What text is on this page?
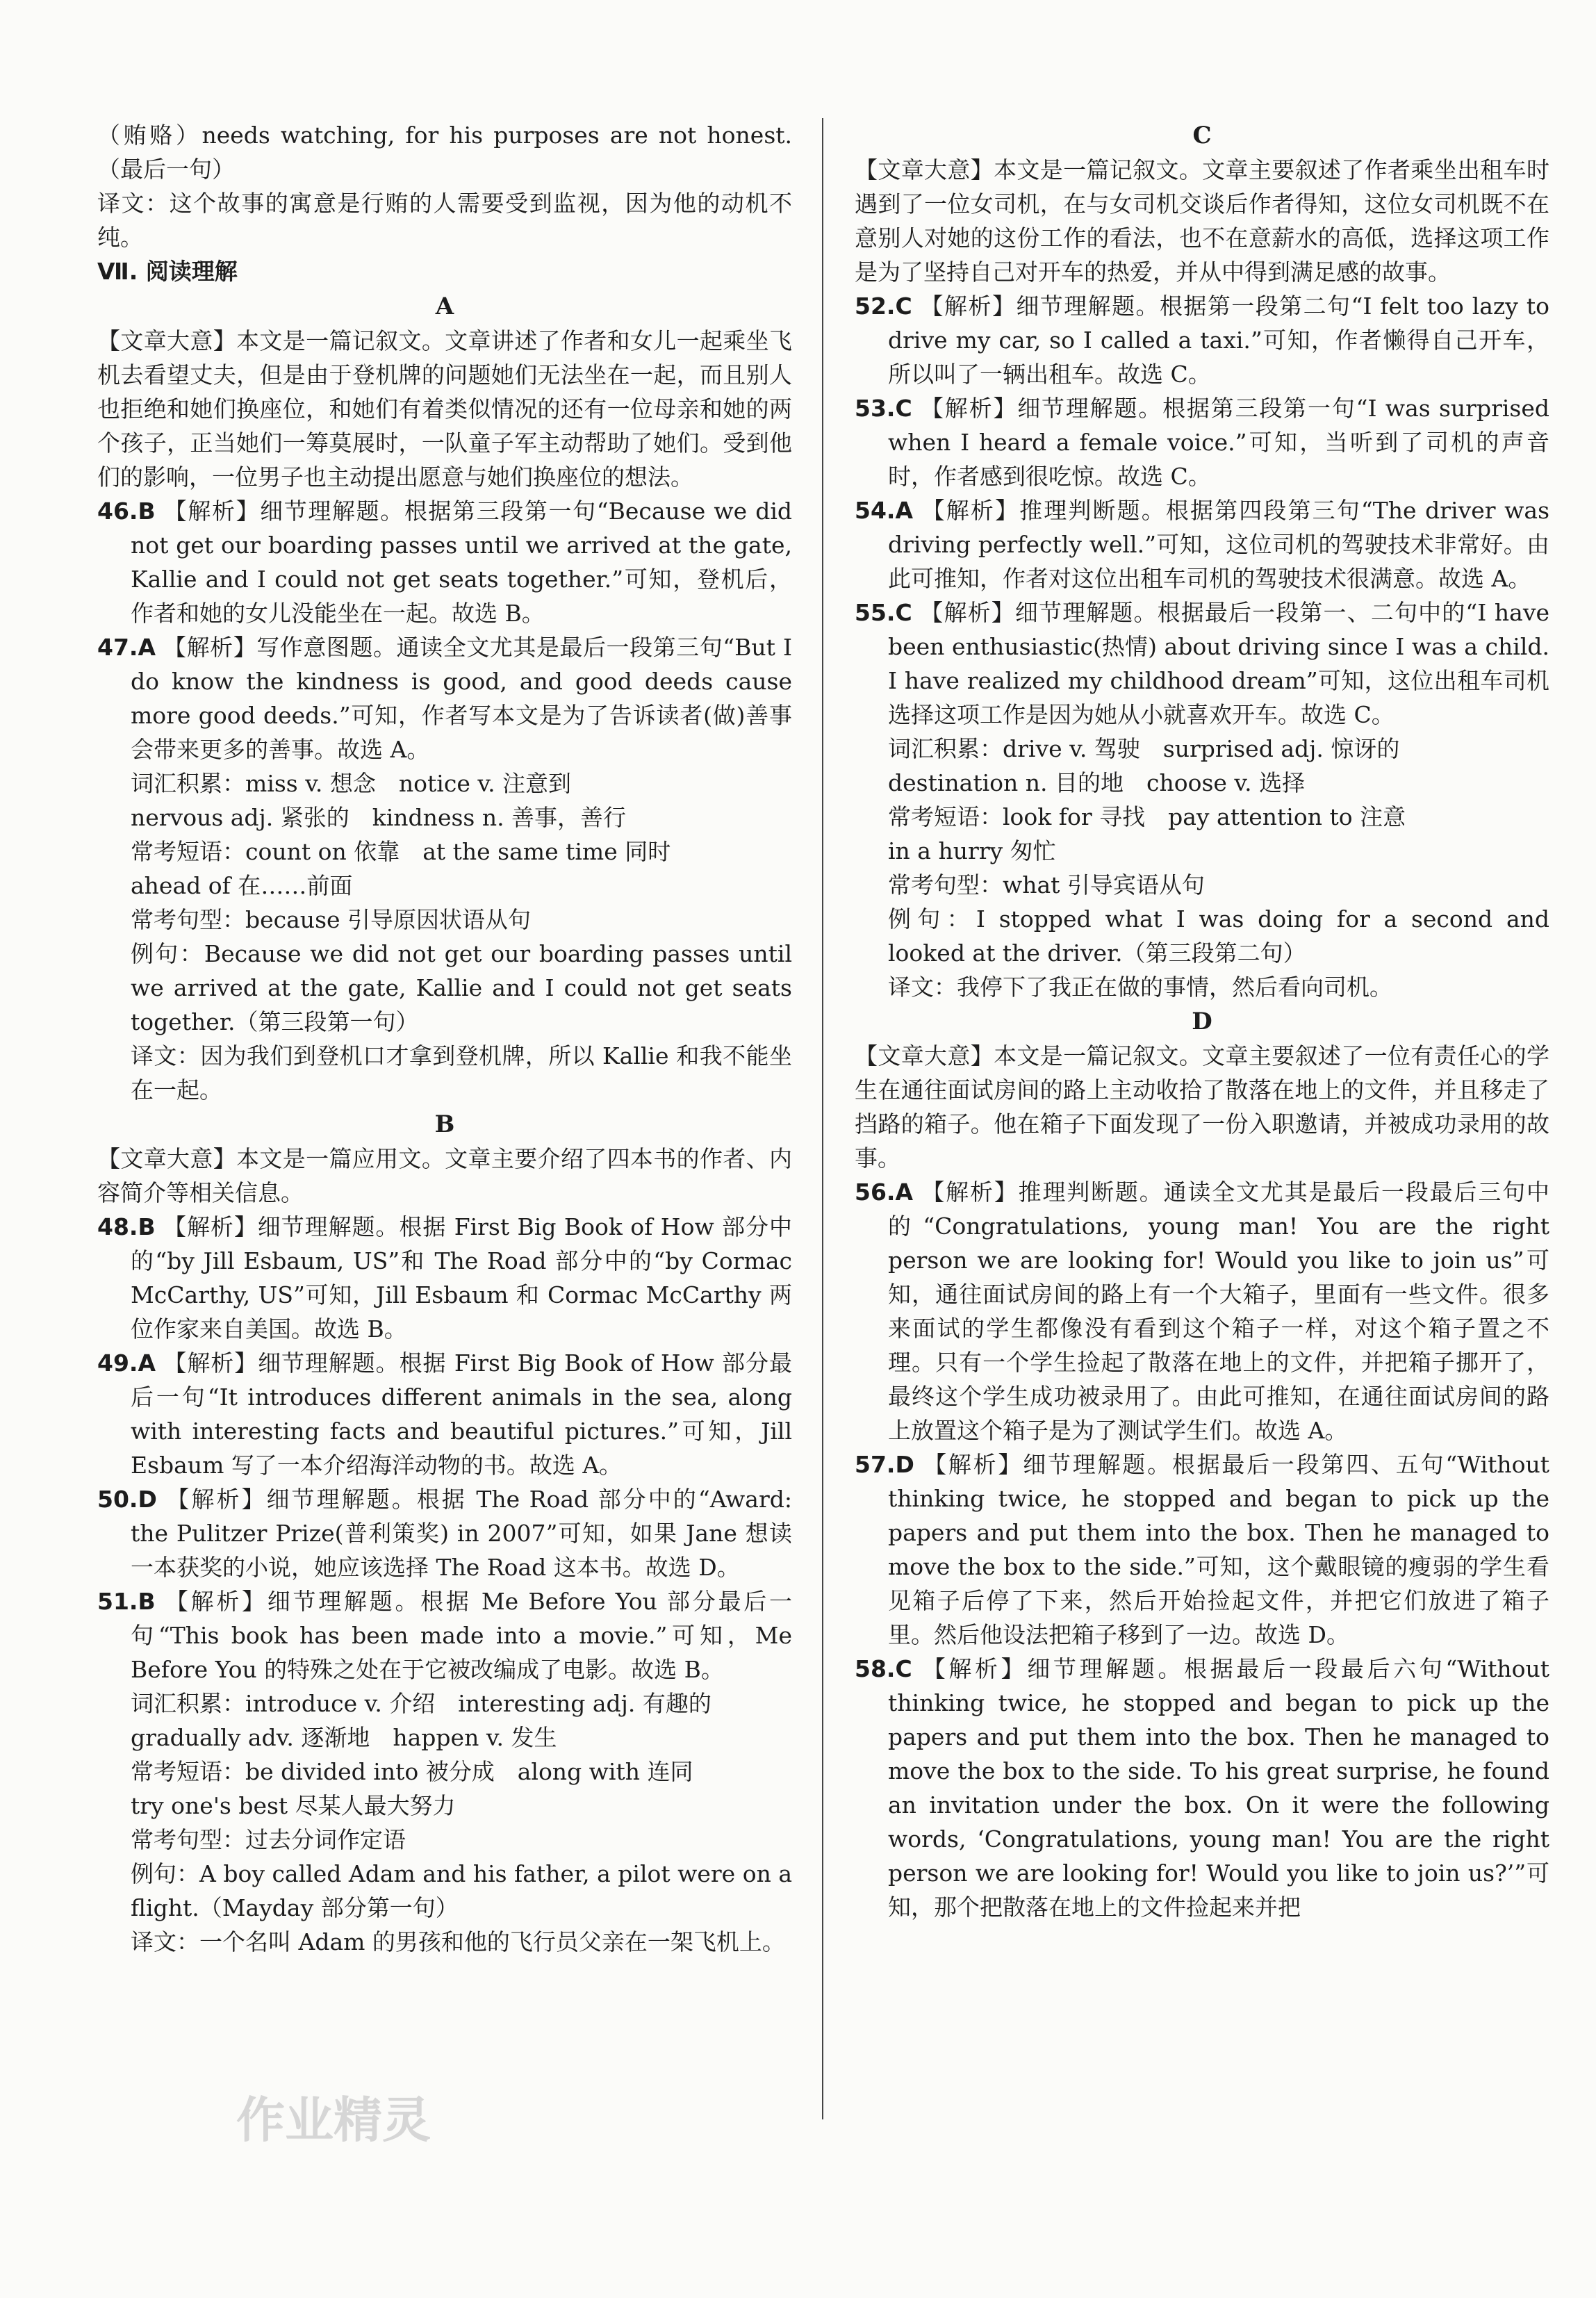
（贿赂）needs watching, for his purposes are not honest.（最后一句）
译文：这个故事的寓意是行贿的人需要受到监视，因为他的动机不纯。
Ⅶ. 阅读理解
A
【文章大意】本文是一篇记叙文。文章讲述了作者和女儿一起乘坐飞机去看望丈夫，但是由于登机牌的问题她们无法坐在一起，而且别人也拒绝和她们换座位，和她们有着类似情况的还有一位母亲和她的两个孩子，正当她们一筹莫展时，一队童子军主动帮助了她们。受到他们的影响，一位男子也主动提出愿意与她们换座位的想法。
46.B 【解析】细节理解题。根据第三段第一句“Because we did not get our boarding passes until we arrived at the gate, Kallie and I could not get seats together.”可知，登机后，作者和她的女儿没能坐在一起。故选 B。
47.A 【解析】写作意图题。通读全文尤其是最后一段第三句“But I do know the kindness is good, and good deeds cause more good deeds.”可知，作者写本文是为了告诉读者(做)善事会带来更多的善事。故选 A。
词汇积累：miss v. 想念　notice v. 注意到
nervous adj. 紧张的　kindness n. 善事，善行
常考短语：count on 依靠　at the same time 同时
ahead of 在……前面
常考句型：because 引导原因状语从句
例句：Because we did not get our boarding passes until we arrived at the gate, Kallie and I could not get seats together.（第三段第一句）
译文：因为我们到登机口才拿到登机牌，所以 Kallie 和我不能坐在一起。
B
【文章大意】本文是一篇应用文。文章主要介绍了四本书的作者、内容简介等相关信息。
48.B 【解析】细节理解题。根据 First Big Book of How 部分中的“by Jill Esbaum, US”和 The Road 部分中的“by Cormac McCarthy, US”可知，Jill Esbaum 和 Cormac McCarthy 两位作家来自美国。故选 B。
49.A 【解析】细节理解题。根据 First Big Book of How 部分最后一句“It introduces different animals in the sea, along with interesting facts and beautiful pictures.”可知，Jill Esbaum 写了一本介绍海洋动物的书。故选 A。
50.D 【解析】细节理解题。根据 The Road 部分中的“Award: the Pulitzer Prize(普利策奖) in 2007”可知，如果 Jane 想读一本获奖的小说，她应该选择 The Road 这本书。故选 D。
51.B 【解析】细节理解题。根据 Me Before You 部分最后一句“This book has been made into a movie.”可知，Me Before You 的特殊之处在于它被改编成了电影。故选 B。
词汇积累：introduce v. 介绍　interesting adj. 有趣的
gradually adv. 逐渐地　happen v. 发生
常考短语：be divided into 被分成　along with 连同
try one's best 尽某人最大努力
常考句型：过去分词作定语
例句：A boy called Adam and his father, a pilot were on a flight.（Mayday 部分第一句）
译文：一个名叫 Adam 的男孩和他的飞行员父亲在一架飞机上。
C
【文章大意】本文是一篇记叙文。文章主要叙述了作者乘坐出租车时遇到了一位女司机，在与女司机交谈后作者得知，这位女司机既不在意别人对她的这份工作的看法，也不在意薪水的高低，选择这项工作是为了坚持自己对开车的热爱，并从中得到满足感的故事。
52.C 【解析】细节理解题。根据第一段第二句“I felt too lazy to drive my car, so I called a taxi.”可知，作者懒得自己开车，所以叫了一辆出租车。故选 C。
53.C 【解析】细节理解题。根据第三段第一句“I was surprised when I heard a female voice.”可知，当听到了司机的声音时，作者感到很吃惊。故选 C。
54.A 【解析】推理判断题。根据第四段第三句“The driver was driving perfectly well.”可知，这位司机的驾驶技术非常好。由此可推知，作者对这位出租车司机的驾驶技术很满意。故选 A。
55.C 【解析】细节理解题。根据最后一段第一、二句中的“I have been enthusiastic(热情) about driving since I was a child. I have realized my childhood dream”可知，这位出租车司机选择这项工作是因为她从小就喜欢开车。故选 C。
词汇积累：drive v. 驾驶　surprised adj. 惊讶的
destination n. 目的地　choose v. 选择
常考短语：look for 寻找　pay attention to 注意
in a hurry 匆忙
常考句型：what 引导宾语从句
例句：I stopped what I was doing for a second and looked at the driver.（第三段第二句）
译文：我停下了我正在做的事情，然后看向司机。
D
【文章大意】本文是一篇记叙文。文章主要叙述了一位有责任心的学生在通往面试房间的路上主动收拾了散落在地上的文件，并且移走了挡路的箱子。他在箱子下面发现了一份入职邀请，并被成功录用的故事。
56.A 【解析】推理判断题。通读全文尤其是最后一段最后三句中的“Congratulations, young man! You are the right person we are looking for! Would you like to join us”可知，通往面试房间的路上有一个大箱子，里面有一些文件。很多来面试的学生都像没有看到这个箱子一样，对这个箱子置之不理。只有一个学生捡起了散落在地上的文件，并把箱子挪开了，最终这个学生成功被录用了。由此可推知，在通往面试房间的路上放置这个箱子是为了测试学生们。故选 A。
57.D 【解析】细节理解题。根据最后一段第四、五句“Without thinking twice, he stopped and began to pick up the papers and put them into the box. Then he managed to move the box to the side.”可知，这个戴眼镜的瘦弱的学生看见箱子后停了下来，然后开始捡起文件，并把它们放进了箱子里。然后他设法把箱子移到了一边。故选 D。
58.C 【解析】细节理解题。根据最后一段最后六句“Without thinking twice, he stopped and began to pick up the papers and put them into the box. Then he managed to move the box to the side. To his great surprise, he found an invitation under the box. On it were the following words, ‘Congratulations, young man! You are the right person we are looking for! Would you like to join us?’”可知，那个把散落在地上的文件捡起来并把
作业精灵
